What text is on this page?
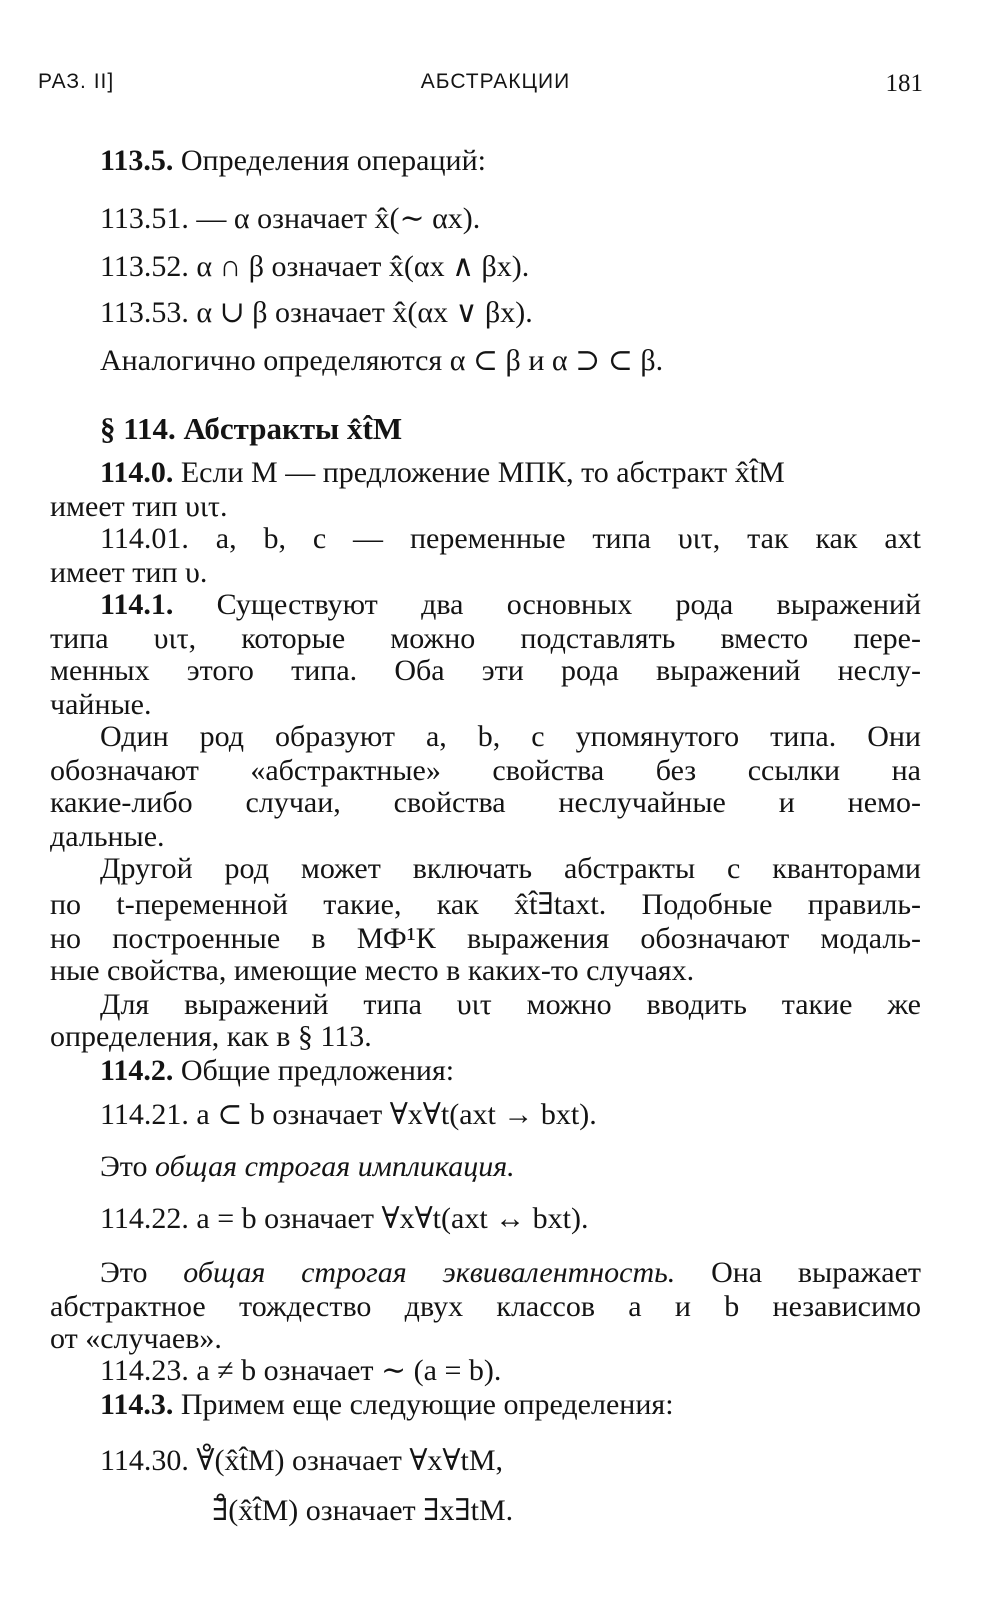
РАЗ. II]	АБСТРАКЦИИ	181
113.5. Определения операций:
113.51. — α означает x̂(∼ αx).
113.52. α ∩ β означает x̂(αx ∧ βx).
113.53. α ∪ β означает x̂(αx ∨ βx).
Аналогично определяются α ⊂ β и α ⊃ ⊂ β.
§ 114. Абстракты x̂t̂M
114.0. Если M — предложение МПК, то абстракт x̂t̂M
имеет тип υιτ.
114.01. a, b, c — переменные типа υιτ, так как axt
имеет тип υ.
114.1. Существуют два основных рода выражений
типа υιτ, которые можно подставлять вместо пере-
менных этого типа. Оба эти рода выражений неслу-
чайные.
Один род образуют a, b, c упомянутого типа. Они
обозначают «абстрактные» свойства без ссылки на
какие-либо случаи, свойства неслучайные и немо-
дальные.
Другой род может включать абстракты с кванторами
по t-переменной такие, как x̂t̂∃taxt. Подобные правиль-
но построенные в МФ¹К выражения обозначают модаль-
ные свойства, имеющие место в каких-то случаях.
Для выражений типа υιτ можно вводить такие же
определения, как в § 113.
114.2. Общие предложения:
114.21. a ⊂ b означает ∀x∀t(axt → bxt).
Это общая строгая импликация.
114.22. a = b означает ∀x∀t(axt ↔ bxt).
Это общая строгая эквивалентность. Она выражает
абстрактное тождество двух классов a и b независимо
от «случаев».
114.23. a ≠ b означает ∼ (a = b).
114.3. Примем еще следующие определения:
114.30. ∀̊(x̂t̂M) означает ∀x∀tM,
∃̊(x̂t̂M) означает ∃x∃tM.
